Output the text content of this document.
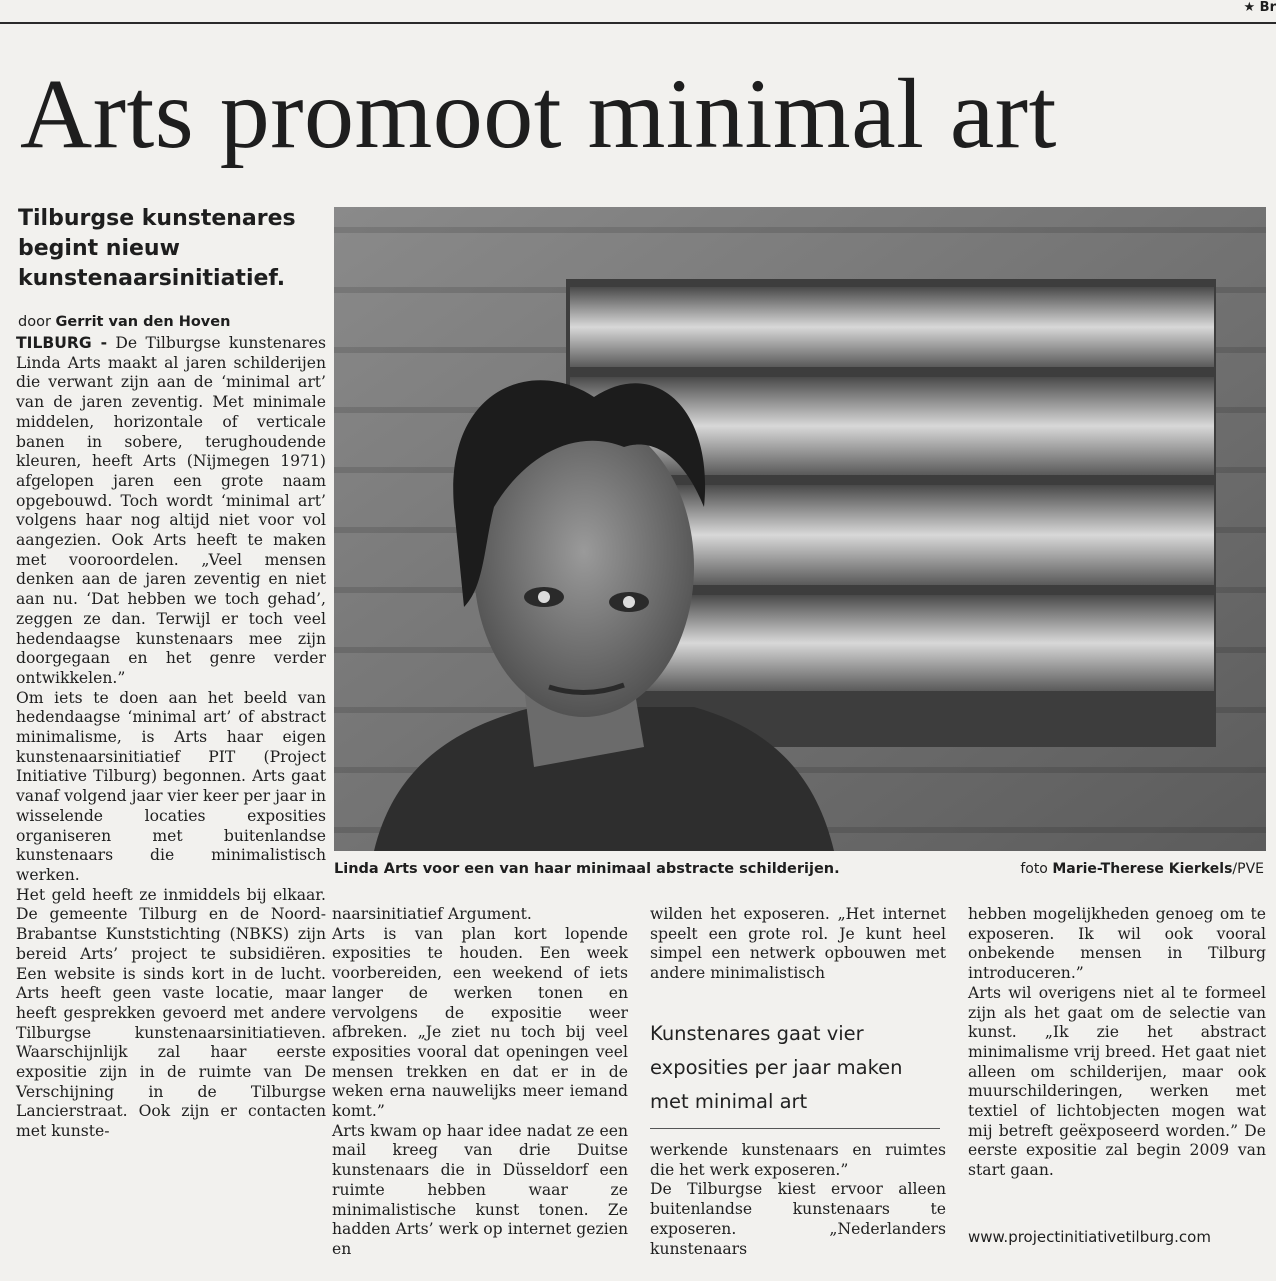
★ Br
Arts promoot minimal art
Tilburgse kunstenares begint nieuw kunstenaarsinitiatief.
door Gerrit van den Hoven

TILBURG - De Tilburgse kunstenares Linda Arts maakt al jaren schilderijen die verwant zijn aan de ‘minimal art’ van de jaren zeventig. Met minimale middelen, horizontale of verticale banen in sobere, terughoudende kleuren, heeft Arts (Nijmegen 1971) afgelopen jaren een grote naam opgebouwd. Toch wordt ‘minimal art’ volgens haar nog altijd niet voor vol aangezien. Ook Arts heeft te maken met vooroordelen. „Veel mensen denken aan de jaren zeventig en niet aan nu. ‘Dat hebben we toch gehad’, zeggen ze dan. Terwijl er toch veel hedendaagse kunstenaars mee zijn doorgegaan en het genre verder ontwikkelen.”

Om iets te doen aan het beeld van hedendaagse ‘minimal art’ of abstract minimalisme, is Arts haar eigen kunstenaarsinitiatief PIT (Project Initiative Tilburg) begonnen. Arts gaat vanaf volgend jaar vier keer per jaar in wisselende locaties exposities organiseren met buitenlandse kunstenaars die minimalistisch werken.

Het geld heeft ze inmiddels bij elkaar. De gemeente Tilburg en de Noord-Brabantse Kunststichting (NBKS) zijn bereid Arts’ project te subsidiëren. Een website is sinds kort in de lucht. Arts heeft geen vaste locatie, maar heeft gesprekken gevoerd met andere Tilburgse kunstenaarsinitiatieven. Waarschijnlijk zal haar eerste expositie zijn in de ruimte van De Verschijning in de Tilburgse Lancierstraat. Ook zijn er contacten met kunste-

Linda Arts voor een van haar minimaal abstracte schilderijen.	foto Marie-Therese Kierkels/PVE

naarsinitiatief Argument.

Arts is van plan kort lopende exposities te houden. Een week voorbereiden, een weekend of iets langer de werken tonen en vervolgens de expositie weer afbreken. „Je ziet nu toch bij veel exposities vooral dat openingen veel mensen trekken en dat er in de weken erna nauwelijks meer iemand komt.”

Arts kwam op haar idee nadat ze een mail kreeg van drie Duitse kunstenaars die in Düsseldorf een ruimte hebben waar ze minimalistische kunst tonen. Ze hadden Arts’ werk op internet gezien en

wilden het exposeren. „Het internet speelt een grote rol. Je kunt heel simpel een netwerk opbouwen met andere minimalistisch

Kunstenares gaat vier exposities per jaar maken met minimal art

werkende kunstenaars en ruimtes die het werk exposeren.”

De Tilburgse kiest ervoor alleen buitenlandse kunstenaars te exposeren. „Nederlanders kunstenaars

hebben mogelijkheden genoeg om te exposeren. Ik wil ook vooral onbekende mensen in Tilburg introduceren.”

Arts wil overigens niet al te formeel zijn als het gaat om de selectie van kunst. „Ik zie het abstract minimalisme vrij breed. Het gaat niet alleen om schilderijen, maar ook muurschilderingen, werken met textiel of lichtobjecten mogen wat mij betreft geëxposeerd worden.” De eerste expositie zal begin 2009 van start gaan.

www.projectinitiativetilburg.com
